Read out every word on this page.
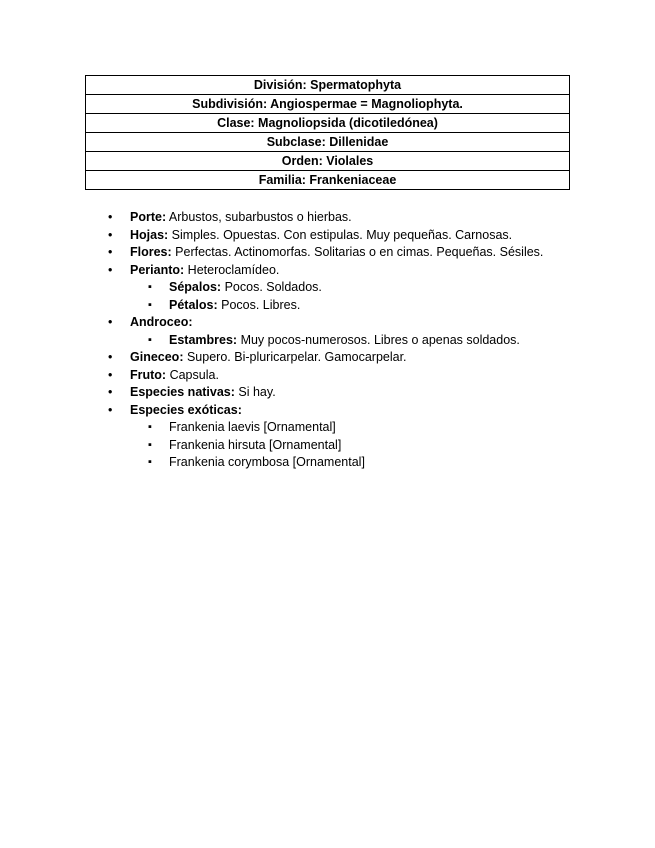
División: Spermatophyta
Subdivisión: Angiospermae = Magnoliophyta.
Clase: Magnoliopsida (dicotiledónea)
Subclase: Dillenidae
Orden: Violales
Familia: Frankeniaceae
• Porte: Arbustos, subarbustos o hierbas.
• Hojas: Simples. Opuestas. Con estipulas. Muy pequeñas. Carnosas.
• Flores: Perfectas. Actinomorfas. Solitarias o en cimas. Pequeñas. Sésiles.
• Perianto: Heteroclamídeo.
▪ Sépalos: Pocos. Soldados.
▪ Pétalos: Pocos. Libres.
• Androceo:
▪ Estambres: Muy pocos-numerosos. Libres o apenas soldados.
• Gineceo: Supero. Bi-pluricarpelar. Gamocarpelar.
• Fruto: Capsula.
• Especies nativas: Si hay.
• Especies exóticas:
▪ Frankenia laevis [Ornamental]
▪ Frankenia hirsuta [Ornamental]
▪ Frankenia corymbosa [Ornamental]
